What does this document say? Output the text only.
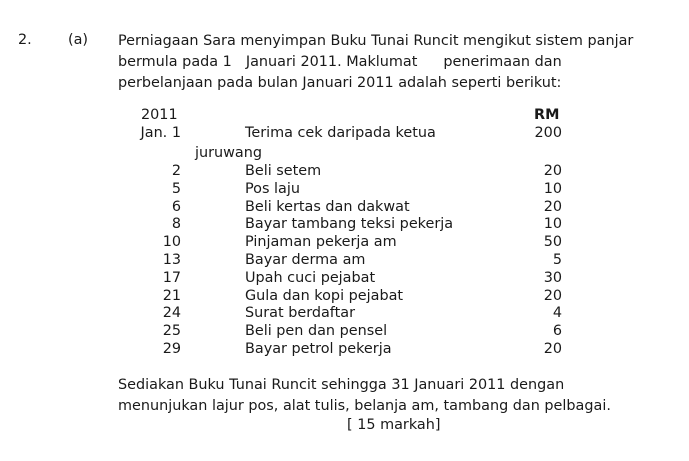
2.	(a) Perniagaan Sara menyimpan Buku Tunai Runcit mengikut sistem panjar
bermula pada 1 Januari 2011. Maklumat penerimaan dan
perbelanjaan pada bulan Januari 2011 adalah seperti berikut:
2011	RM
Jan. 1	Terima cek daripada ketua	200
juruwang
2	Beli setem	20
5	Pos laju	10
6	Beli kertas dan dakwat	20
8	Bayar tambang teksi pekerja	10
10	Pinjaman pekerja am	50
13	Bayar derma am	5
17	Upah cuci pejabat	30
21	Gula dan kopi pejabat	20
24	Surat berdaftar	4
25	Beli pen dan pensel	6
29	Bayar petrol pekerja	20
Sediakan Buku Tunai Runcit sehingga 31 Januari 2011 dengan
menunjukan lajur pos, alat tulis, belanja am, tambang dan pelbagai.
[ 15 markah]
